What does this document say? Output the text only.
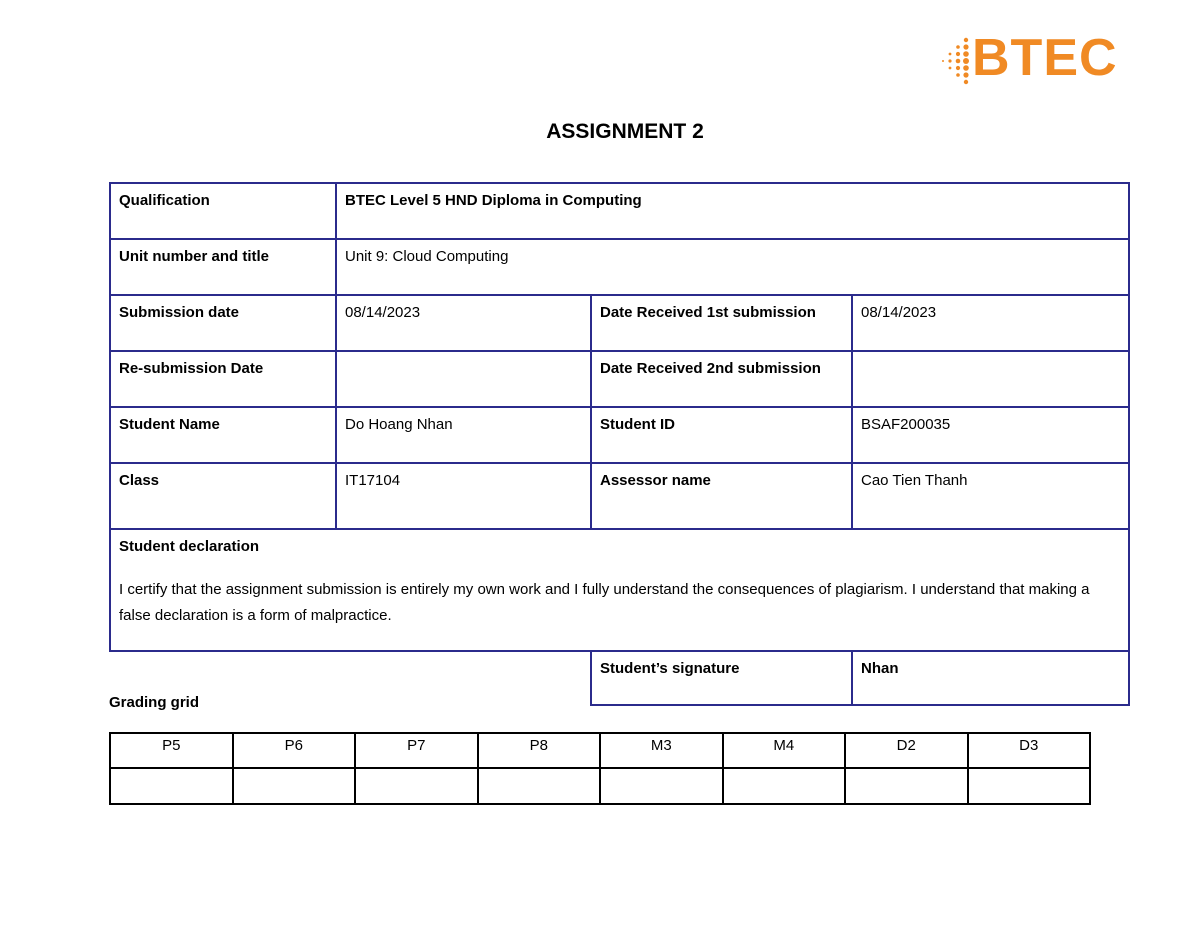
BTEC
ASSIGNMENT 2
Qualification	BTEC Level 5 HND Diploma in Computing		
Unit number and title	Unit 9: Cloud Computing		
Submission date	08/14/2023	Date Received 1st submission	08/14/2023
Re-submission Date		Date Received 2nd submission	
Student Name	Do Hoang Nhan	Student ID	BSAF200035
Class	IT17104	Assessor name	Cao Tien Thanh

Student declaration
I certify that the assignment submission is entirely my own work and I fully understand the consequences of plagiarism. I understand that making a false declaration is a form of malpractice.			

		Student’s signature	Nhan
Grading grid
P5	P6	P7	P8	M3	M4	D2	D3
